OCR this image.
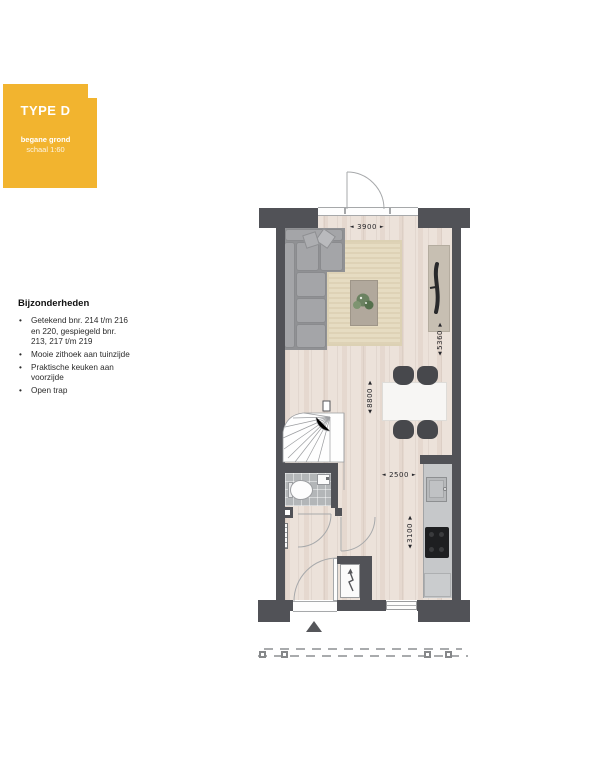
TYPE D
begane grond
schaal 1:60
Bijzonderheden
• Getekend bnr. 214 t/m 216 en 220, gespiegeld bnr. 213, 217 t/m 219
• Mooie zithoek aan tuinzijde
• Praktische keuken aan voorzijde
• Open trap
◄ 3900 ►
◄ 2500 ►
▲
5360
▼
▲
8800
▼
▲
3100
▼
